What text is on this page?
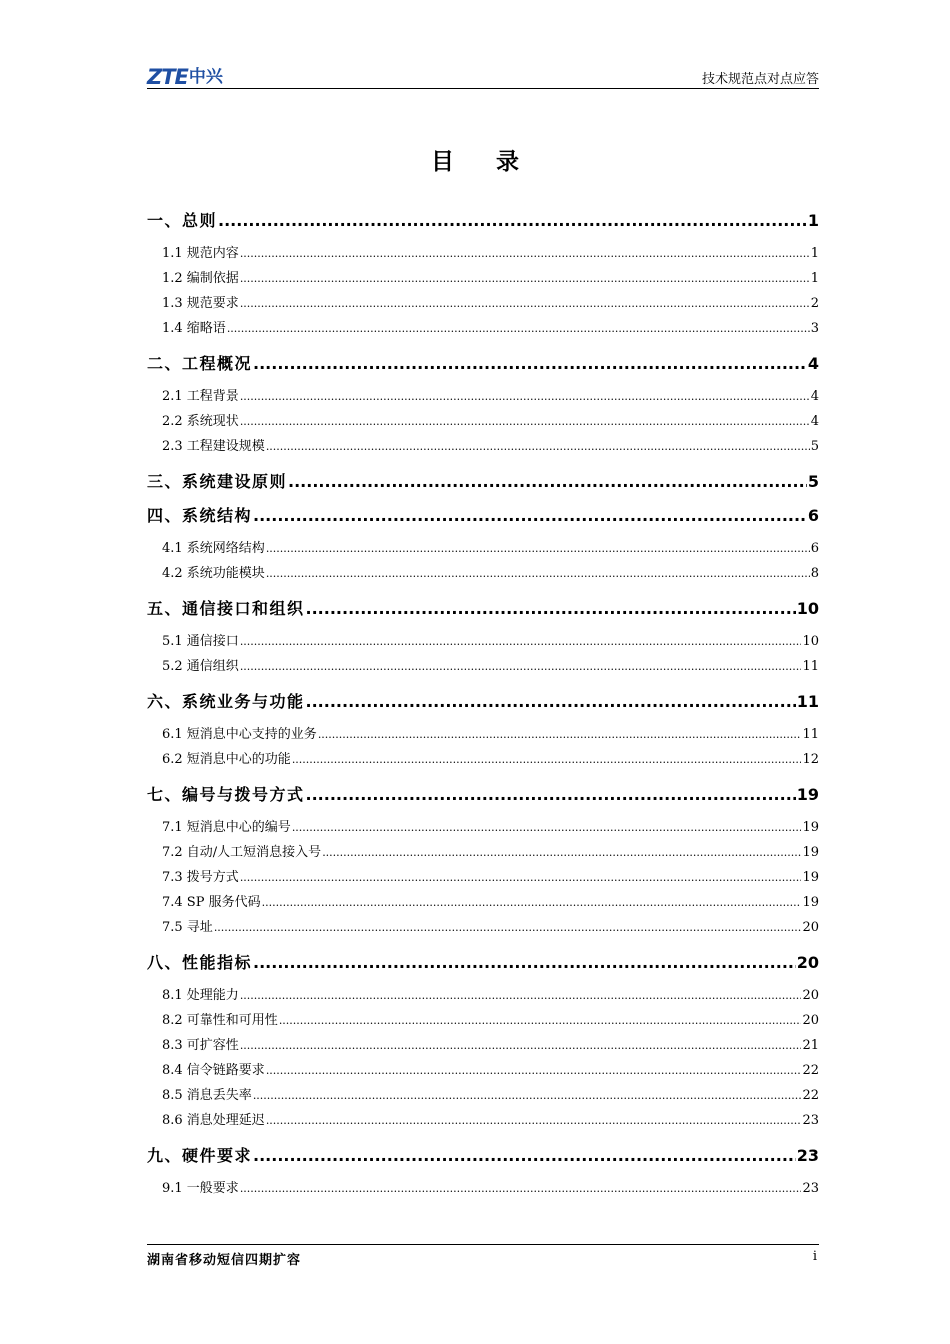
ZTE 中兴	技术规范点对点应答
目录
一、总则 .....	1
1.1 规范内容 .....	1
1.2 编制依据 .....	1
1.3 规范要求 .....	2
1.4 缩略语 .....	3
二、工程概况 .....	4
2.1 工程背景 .....	4
2.2 系统现状 .....	4
2.3 工程建设规模 .....	5
三、系统建设原则 .....	5
四、系统结构 .....	6
4.1 系统网络结构 .....	6
4.2 系统功能模块 .....	8
五、通信接口和组织 .....	10
5.1 通信接口 .....	10
5.2 通信组织 .....	11
六、系统业务与功能 .....	11
6.1 短消息中心支持的业务 .....	11
6.2 短消息中心的功能 .....	12
七、编号与拨号方式 .....	19
7.1 短消息中心的编号 .....	19
7.2 自动/人工短消息接入号 .....	19
7.3 拨号方式 .....	19
7.4 SP 服务代码 .....	19
7.5 寻址 .....	20
八、性能指标 .....	20
8.1 处理能力 .....	20
8.2 可靠性和可用性 .....	20
8.3 可扩容性 .....	21
8.4 信令链路要求 .....	22
8.5 消息丢失率 .....	22
8.6 消息处理延迟 .....	23
九、硬件要求 .....	23
9.1 一般要求 .....	23
湖南省移动短信四期扩容	i
